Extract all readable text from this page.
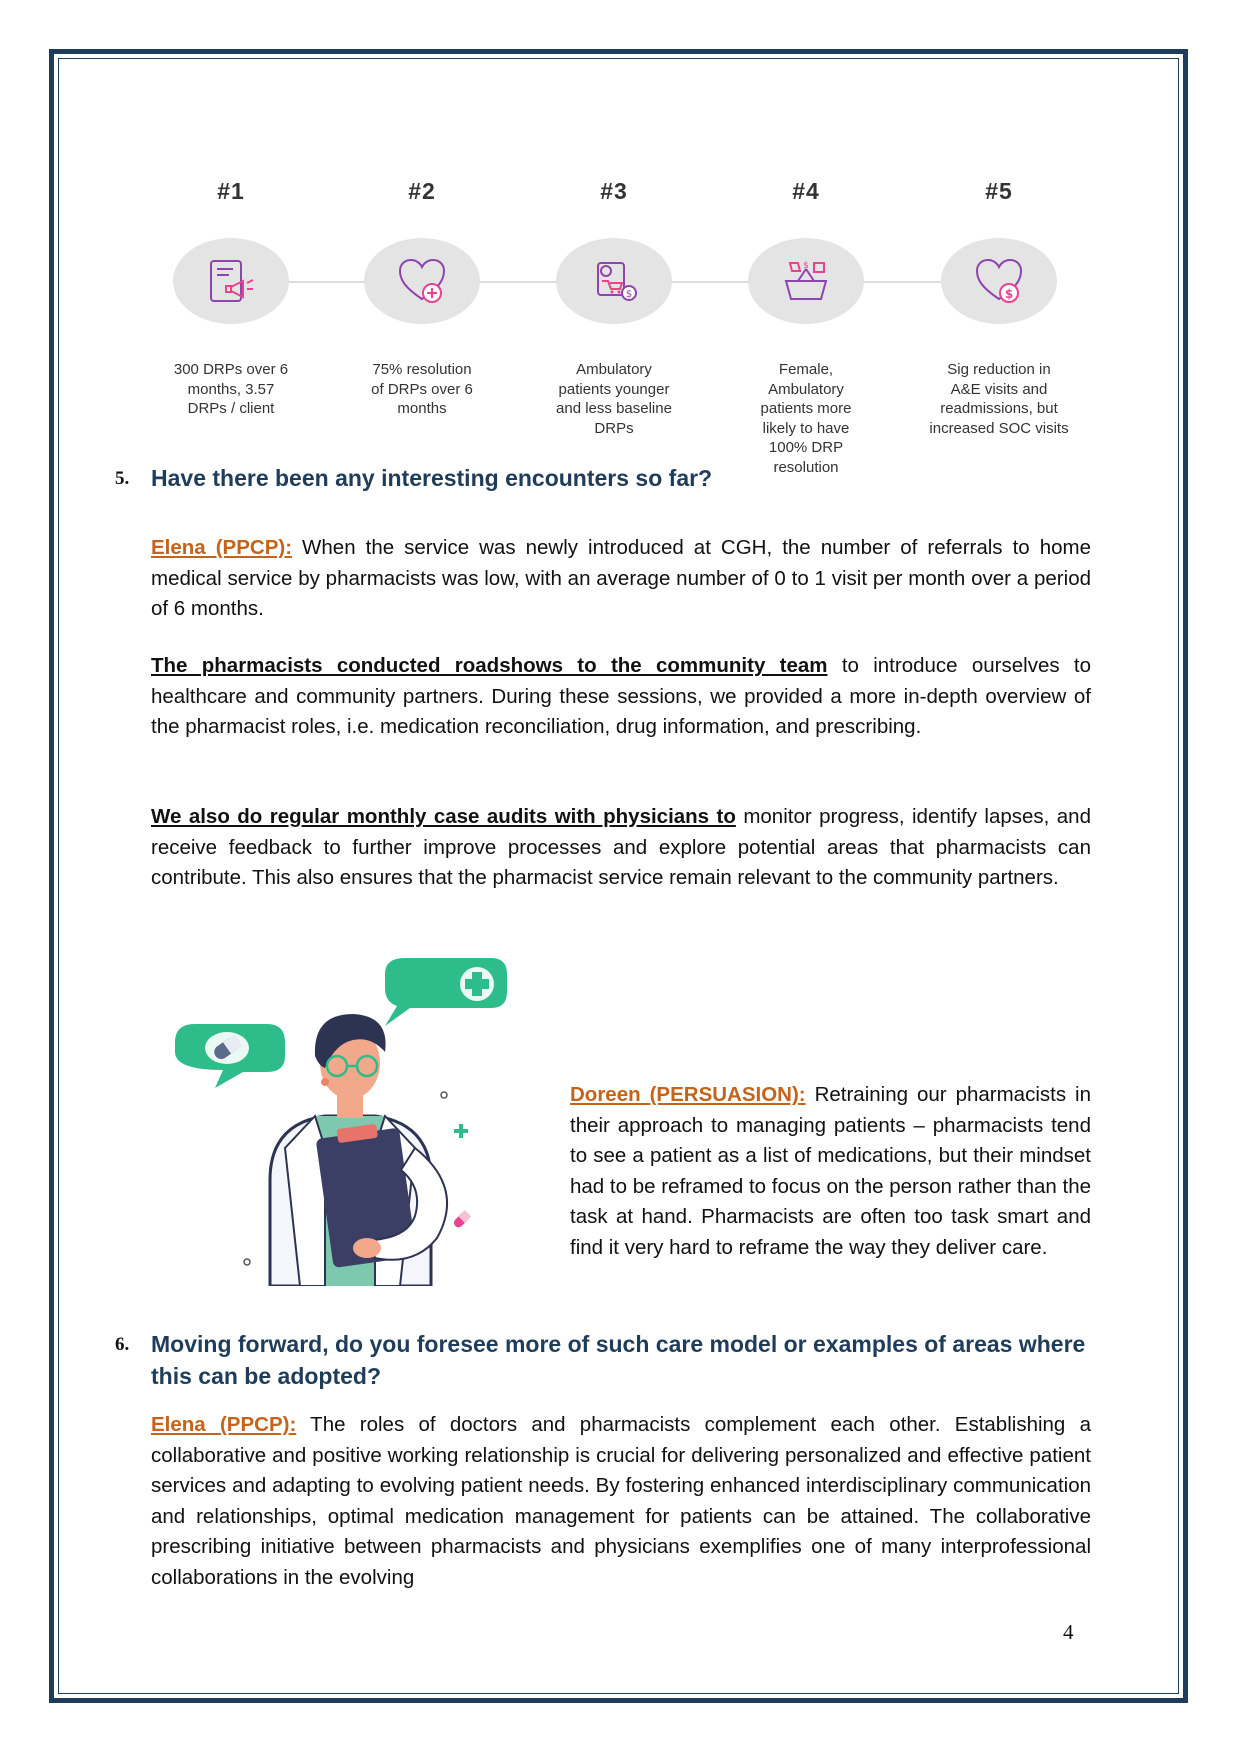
#1
300 DRPs over 6
months, 3.57
DRPs / client
#2
75% resolution
of DRPs over 6
months
#3
$
Ambulatory
patients younger
and less baseline
DRPs
#4
$
Female,
Ambulatory
patients more
likely to have
100% DRP
resolution
#5
$
Sig reduction in
A&E visits and
readmissions, but
increased SOC visits
5. Have there been any interesting encounters so far?
Elena (PPCP): When the service was newly introduced at CGH, the number of referrals to home medical service by pharmacists was low, with an average number of 0 to 1 visit per month over a period of 6 months.
The pharmacists conducted roadshows to the community team to introduce ourselves to healthcare and community partners. During these sessions, we provided a more in-depth overview of the pharmacist roles, i.e. medication reconciliation, drug information, and prescribing.
We also do regular monthly case audits with physicians to monitor progress, identify lapses, and receive feedback to further improve processes and explore potential areas that pharmacists can contribute. This also ensures that the pharmacist service remain relevant to the community partners.
Doreen (PERSUASION): Retraining our pharmacists in their approach to managing patients – pharmacists tend to see a patient as a list of medications, but their mindset had to be reframed to focus on the person rather than the task at hand. Pharmacists are often too task smart and find it very hard to reframe the way they deliver care.
6. Moving forward, do you foresee more of such care model or examples of areas where this can be adopted?
Elena (PPCP): The roles of doctors and pharmacists complement each other. Establishing a collaborative and positive working relationship is crucial for delivering personalized and effective patient services and adapting to evolving patient needs. By fostering enhanced interdisciplinary communication and relationships, optimal medication management for patients can be attained. The collaborative prescribing initiative between pharmacists and physicians exemplifies one of many interprofessional collaborations in the evolving
4
